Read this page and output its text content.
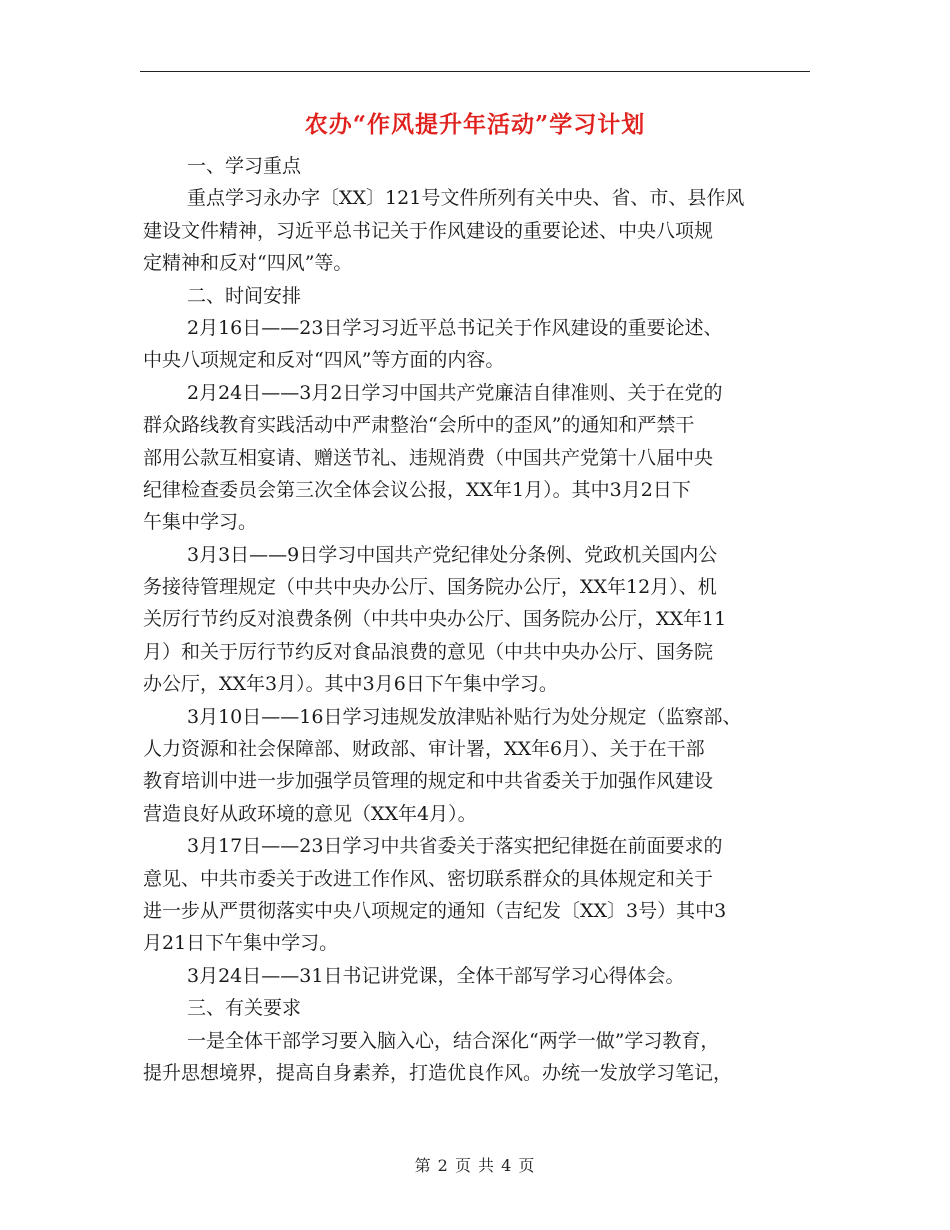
农办“作风提升年活动”学习计划
一、学习重点
重点学习永办字〔XX〕121号文件所列有关中央、省、市、县作风
建设文件精神，习近平总书记关于作风建设的重要论述、中央八项规
定精神和反对“四风”等。
二、时间安排
2月16日——23日学习习近平总书记关于作风建设的重要论述、
中央八项规定和反对“四风”等方面的内容。
2月24日——3月2日学习中国共产党廉洁自律准则、关于在党的
群众路线教育实践活动中严肃整治“会所中的歪风”的通知和严禁干
部用公款互相宴请、赠送节礼、违规消费（中国共产党第十八届中央
纪律检查委员会第三次全体会议公报，XX年1月）。其中3月2日下
午集中学习。
3月3日——9日学习中国共产党纪律处分条例、党政机关国内公
务接待管理规定（中共中央办公厅、国务院办公厅，XX年12月）、机
关厉行节约反对浪费条例（中共中央办公厅、国务院办公厅，XX年11
月）和关于厉行节约反对食品浪费的意见（中共中央办公厅、国务院
办公厅，XX年3月）。其中3月6日下午集中学习。
3月10日——16日学习违规发放津贴补贴行为处分规定（监察部、
人力资源和社会保障部、财政部、审计署，XX年6月）、关于在干部
教育培训中进一步加强学员管理的规定和中共省委关于加强作风建设
营造良好从政环境的意见（XX年4月）。
3月17日——23日学习中共省委关于落实把纪律挺在前面要求的
意见、中共市委关于改进工作作风、密切联系群众的具体规定和关于
进一步从严贯彻落实中央八项规定的通知（吉纪发〔XX〕3号）其中3
月21日下午集中学习。
3月24日——31日书记讲党课，全体干部写学习心得体会。
三、有关要求
一是全体干部学习要入脑入心，结合深化“两学一做”学习教育，
提升思想境界，提高自身素养，打造优良作风。办统一发放学习笔记，
第 2 页 共 4 页
